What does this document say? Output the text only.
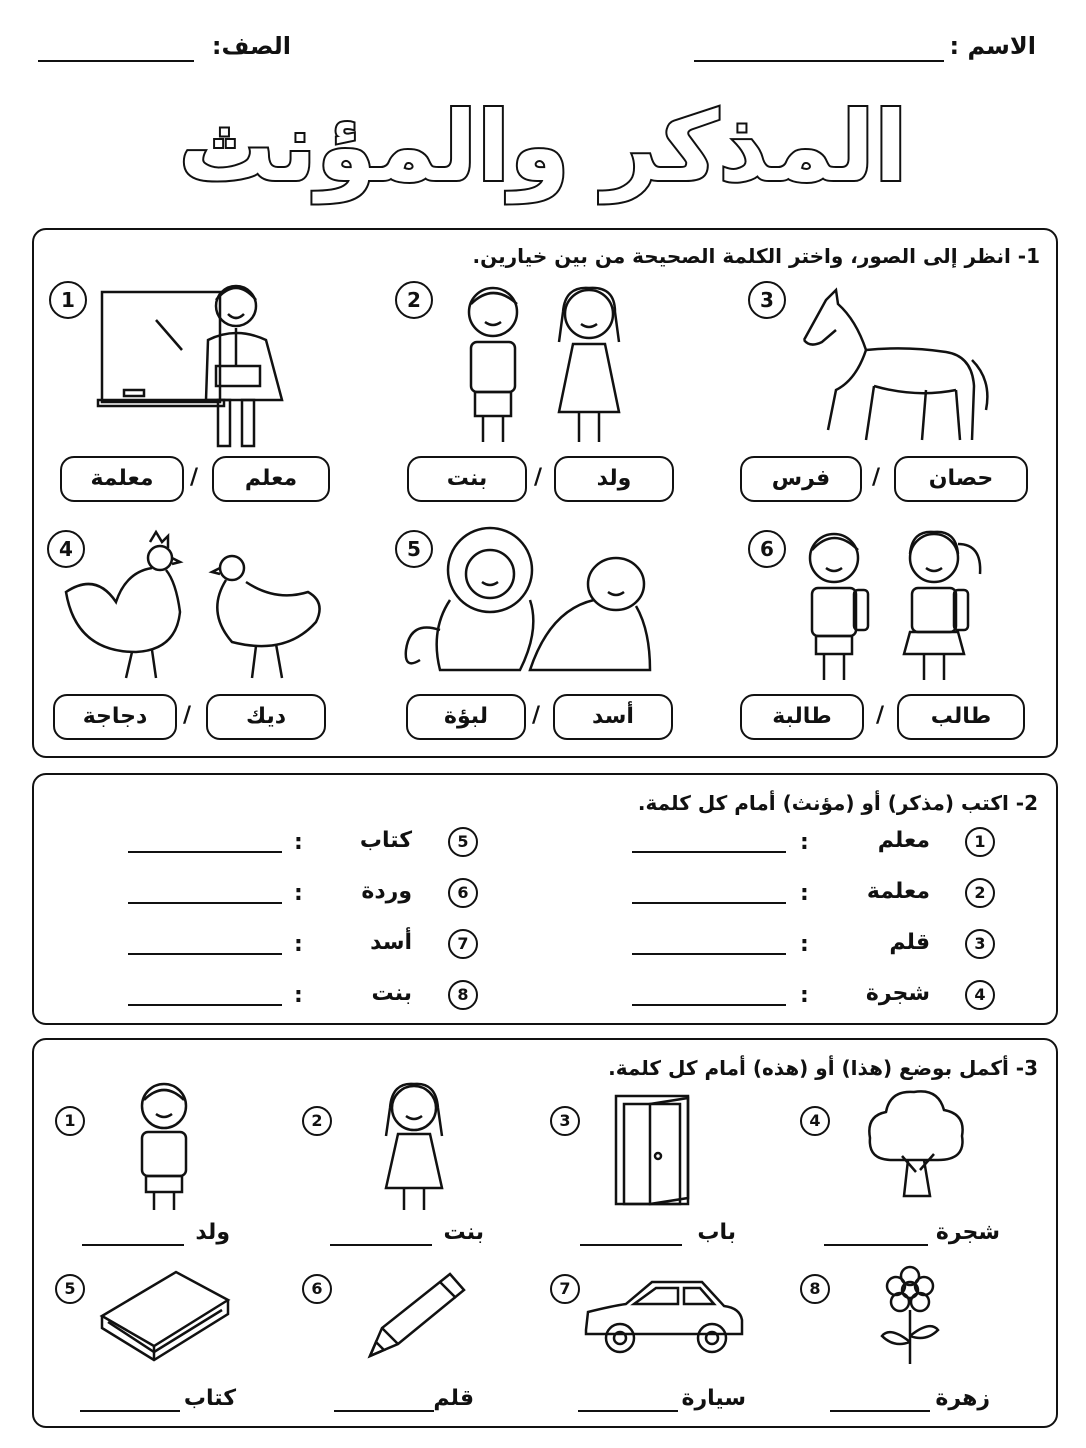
الاسم :
الصف:
المذكر والمؤنث
1- انظر إلى الصور، واختر الكلمة الصحيحة من بين خيارين.
1
معلم
/
معلمة
2
ولد
/
بنت
3
حصان
/
فرس
4
ديك
/
دجاجة
5
أسد
/
لبؤة
6
طالب
/
طالبة
2- اكتب (مذكر) أو (مؤنث) أمام كل كلمة.
1
معلم
:
2
معلمة
:
3
قلم
:
4
شجرة
:
5
كتاب
:
6
وردة
:
7
أسد
:
8
بنت
:
3- أكمل بوضع (هذا) أو (هذه) أمام كل كلمة.
1
ولد
2
بنت
3
باب
4
شجرة
5
كتاب
6
قلم
7
سيارة
8
زهرة
